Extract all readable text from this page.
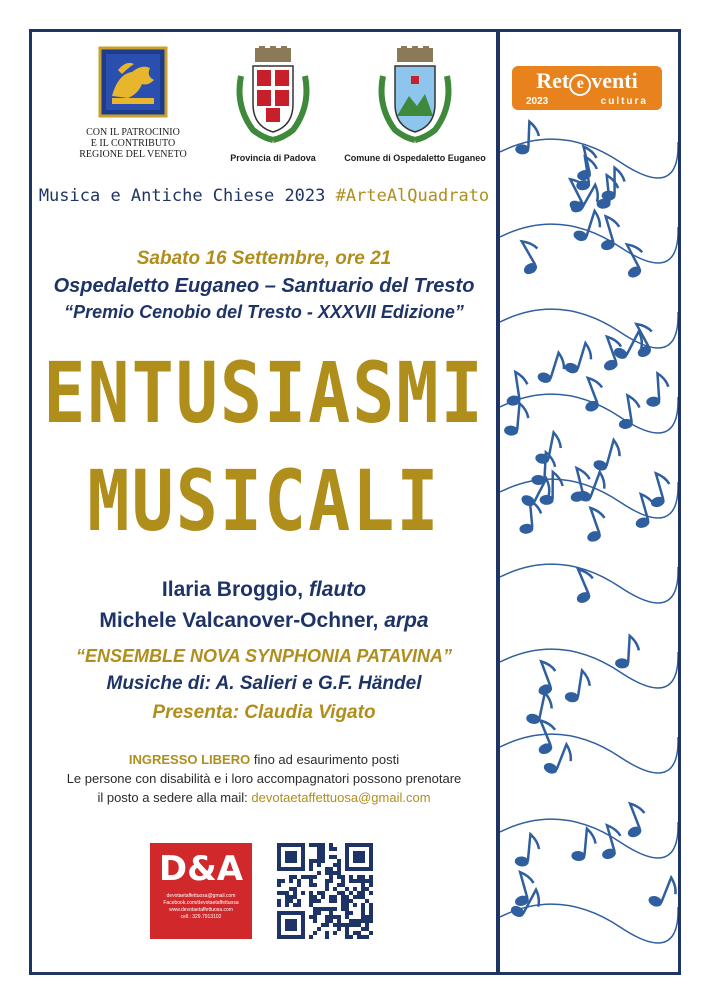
Ret e venti
2023	cultura
CON IL PATROCINIO
E IL CONTRIBUTO
REGIONE DEL VENETO	Provincia di Padova	Comune di Ospedaletto Euganeo
Musica e Antiche Chiese 2023 #ArteAlQuadrato
Sabato 16 Settembre, ore 21
Ospedaletto Euganeo – Santuario del Tresto
“Premio Cenobio del Tresto - XXXVII Edizione”
ENTUSIASMI
MUSICALI
Ilaria Broggio, flauto
Michele Valcanover-Ochner, arpa
“ENSEMBLE NOVA SYNPHONIA PATAVINA”
Musiche di: A. Salieri e G.F. Händel
Presenta: Claudia Vigato
INGRESSO LIBERO fino ad esaurimento posti
Le persone con disabilità e i loro accompagnatori possono prenotare
il posto a sedere alla mail: devotaetaffettuosa@gmail.com
D&A
devotaetaffettuosa@gmail.com
Facebook.com/devotaetaffettuosa
www.devotaetaffettuosa.com
cell.: 329.7913102
